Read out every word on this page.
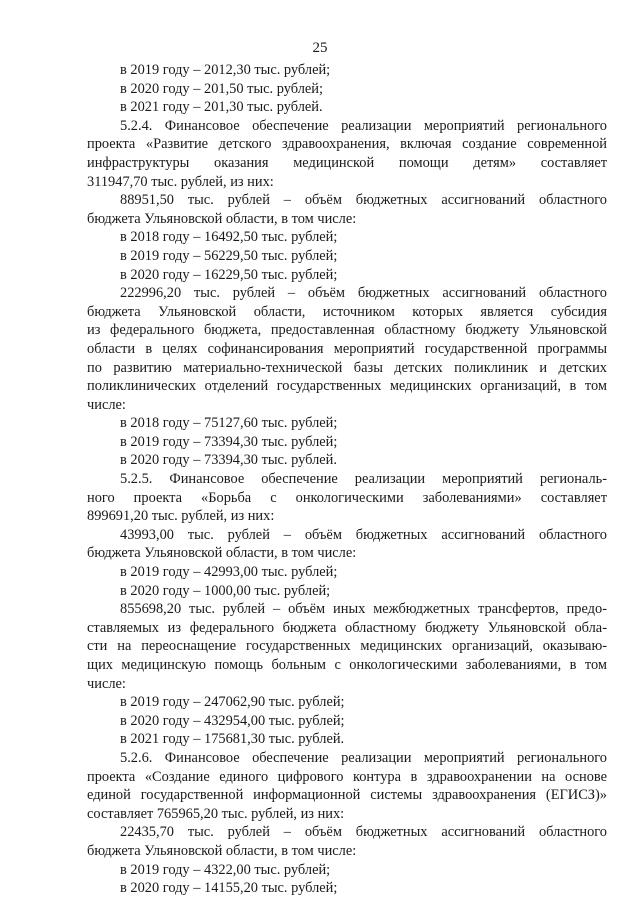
25
в 2019 году – 2012,30 тыс. рублей;
в 2020 году – 201,50 тыс. рублей;
в 2021 году – 201,30 тыс. рублей.
5.2.4. Финансовое обеспечение реализации мероприятий регионального
проекта «Развитие детского здравоохранения, включая создание современной
инфраструктуры оказания медицинской помощи детям» составляет
311947,70 тыс. рублей, из них:
88951,50 тыс. рублей – объём бюджетных ассигнований областного
бюджета Ульяновской области, в том числе:
в 2018 году – 16492,50 тыс. рублей;
в 2019 году – 56229,50 тыс. рублей;
в 2020 году – 16229,50 тыс. рублей;
222996,20 тыс. рублей – объём бюджетных ассигнований областного
бюджета Ульяновской области, источником которых является субсидия
из федерального бюджета, предоставленная областному бюджету Ульяновской
области в целях софинансирования мероприятий государственной программы
по развитию материально-технической базы детских поликлиник и детских
поликлинических отделений государственных медицинских организаций, в том
числе:
в 2018 году – 75127,60 тыс. рублей;
в 2019 году – 73394,30 тыс. рублей;
в 2020 году – 73394,30 тыс. рублей.
5.2.5. Финансовое обеспечение реализации мероприятий региональ-
ного проекта «Борьба с онкологическими заболеваниями» составляет
899691,20 тыс. рублей, из них:
43993,00 тыс. рублей – объём бюджетных ассигнований областного
бюджета Ульяновской области, в том числе:
в 2019 году – 42993,00 тыс. рублей;
в 2020 году – 1000,00 тыс. рублей;
855698,20 тыс. рублей – объём иных межбюджетных трансфертов, предо-
ставляемых из федерального бюджета областному бюджету Ульяновской обла-
сти на переоснащение государственных медицинских организаций, оказываю-
щих медицинскую помощь больным с онкологическими заболеваниями, в том
числе:
в 2019 году – 247062,90 тыс. рублей;
в 2020 году – 432954,00 тыс. рублей;
в 2021 году – 175681,30 тыс. рублей.
5.2.6. Финансовое обеспечение реализации мероприятий регионального
проекта «Создание единого цифрового контура в здравоохранении на основе
единой государственной информационной системы здравоохранения (ЕГИСЗ)»
составляет 765965,20 тыс. рублей, из них:
22435,70 тыс. рублей – объём бюджетных ассигнований областного
бюджета Ульяновской области, в том числе:
в 2019 году – 4322,00 тыс. рублей;
в 2020 году – 14155,20 тыс. рублей;
